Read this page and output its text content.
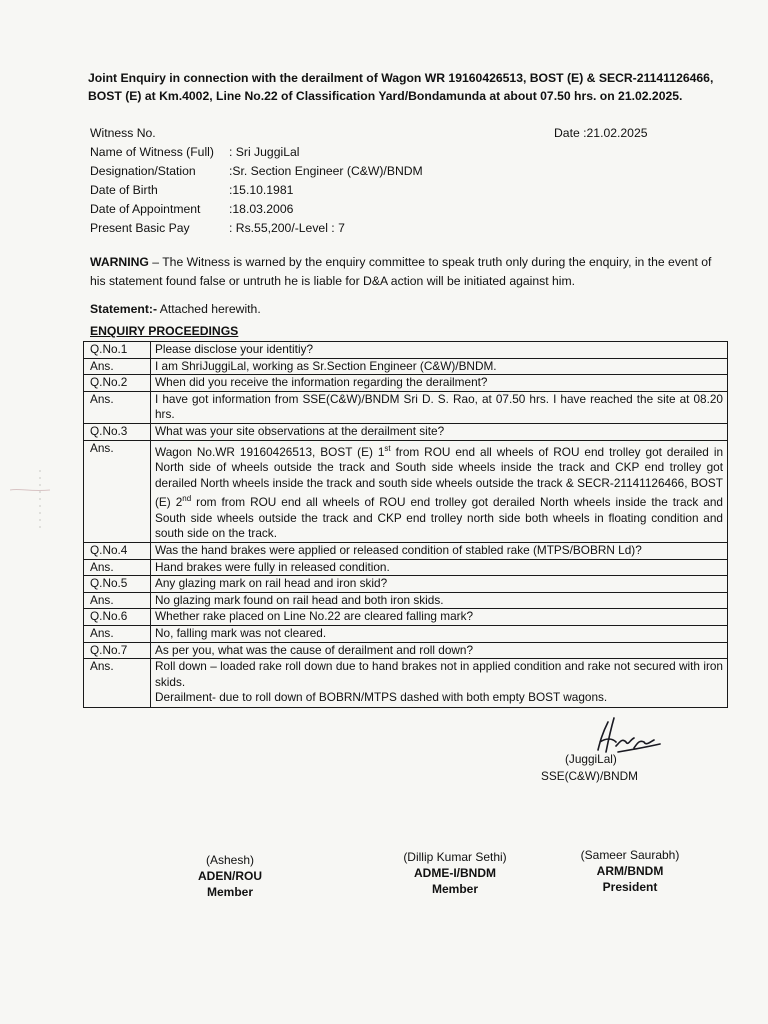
Joint Enquiry in connection with the derailment of Wagon WR 19160426513, BOST (E) & SECR-21141126466, BOST (E) at Km.4002, Line No.22 of Classification Yard/Bondamunda at about 07.50 hrs. on 21.02.2025.
Witness No.
Name of Witness (Full)	: Sri JuggiLal
Designation/Station	:Sr. Section Engineer (C&W)/BNDM
Date of Birth	:15.10.1981
Date of Appointment	:18.03.2006
Present Basic Pay	: Rs.55,200/-Level : 7
Date :21.02.2025
WARNING – The Witness is warned by the enquiry committee to speak truth only during the enquiry, in the event of his statement found false or untruth he is liable for D&A action will be initiated against him.
Statement:- Attached herewith.
ENQUIRY PROCEEDINGS
Q.No.1	Please disclose your identitiy?
Ans.	I am ShriJuggiLal, working as Sr.Section Engineer (C&W)/BNDM.
Q.No.2	When did you receive the information regarding the derailment?
Ans.	I have got information from SSE(C&W)/BNDM Sri D. S. Rao, at 07.50 hrs. I have reached the site at 08.20 hrs.
Q.No.3	What was your site observations at the derailment site?
Ans.	Wagon No.WR 19160426513, BOST (E) 1st from ROU end all wheels of ROU end trolley got derailed in North side of wheels outside the track and South side wheels inside the track and CKP end trolley got derailed North wheels inside the track and south side wheels outside the track & SECR-21141126466, BOST (E) 2nd rom from ROU end all wheels of ROU end trolley got derailed North wheels inside the track and South side wheels outside the track and CKP end trolley north side both wheels in floating condition and south side on the track.
Q.No.4	Was the hand brakes were applied or released condition of stabled rake (MTPS/BOBRN Ld)?
Ans.	Hand brakes were fully in released condition.
Q.No.5	Any glazing mark on rail head and iron skid?
Ans.	No glazing mark found on rail head and both iron skids.
Q.No.6	Whether rake placed on Line No.22 are cleared falling mark?
Ans.	No, falling mark was not cleared.
Q.No.7	As per you, what was the cause of derailment and roll down?
Ans.	Roll down – loaded rake roll down due to hand brakes not in applied condition and rake not secured with iron skids.
Derailment- due to roll down of BOBRN/MTPS dashed with both empty BOST wagons.
(JuggiLal)
SSE(C&W)/BNDM
(Ashesh)
ADEN/ROU
Member
(Dillip Kumar Sethi)
ADME-I/BNDM
Member
(Sameer Saurabh)
ARM/BNDM
President
